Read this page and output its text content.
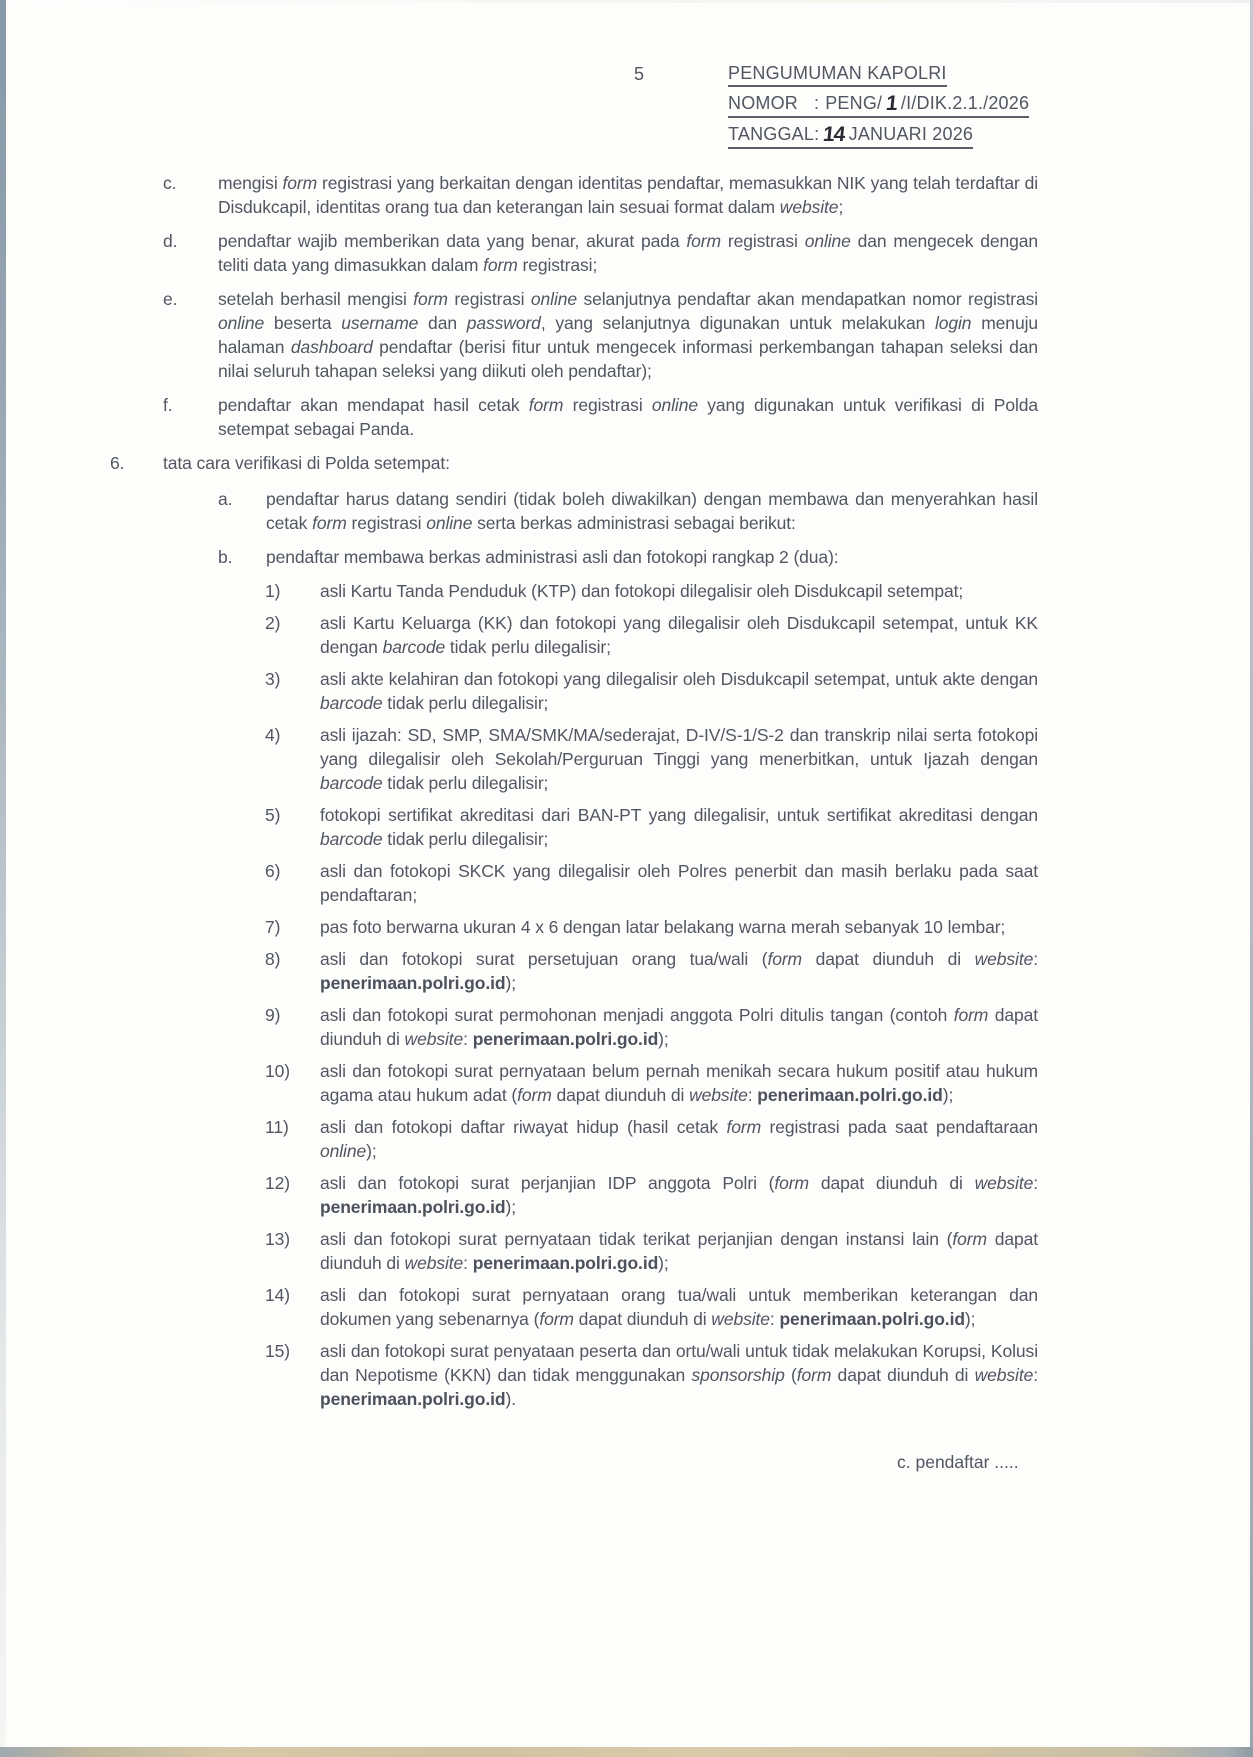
5	PENGUMUMAN KAPOLRI
NOMOR : PENG/ 1 /I/DIK.2.1./2026
TANGGAL: 14 JANUARI 2026
c.	mengisi form registrasi yang berkaitan dengan identitas pendaftar, memasukkan NIK yang telah terdaftar di Disdukcapil, identitas orang tua dan keterangan lain sesuai format dalam website;
d.	pendaftar wajib memberikan data yang benar, akurat pada form registrasi online dan mengecek dengan teliti data yang dimasukkan dalam form registrasi;
e.	setelah berhasil mengisi form registrasi online selanjutnya pendaftar akan mendapatkan nomor registrasi online beserta username dan password, yang selanjutnya digunakan untuk melakukan login menuju halaman dashboard pendaftar (berisi fitur untuk mengecek informasi perkembangan tahapan seleksi dan nilai seluruh tahapan seleksi yang diikuti oleh pendaftar);
f.	pendaftar akan mendapat hasil cetak form registrasi online yang digunakan untuk verifikasi di Polda setempat sebagai Panda.
6.	tata cara verifikasi di Polda setempat:
a.	pendaftar harus datang sendiri (tidak boleh diwakilkan) dengan membawa dan menyerahkan hasil cetak form registrasi online serta berkas administrasi sebagai berikut:
b.	pendaftar membawa berkas administrasi asli dan fotokopi rangkap 2 (dua):
1)	asli Kartu Tanda Penduduk (KTP) dan fotokopi dilegalisir oleh Disdukcapil setempat;
2)	asli Kartu Keluarga (KK) dan fotokopi yang dilegalisir oleh Disdukcapil setempat, untuk KK dengan barcode tidak perlu dilegalisir;
3)	asli akte kelahiran dan fotokopi yang dilegalisir oleh Disdukcapil setempat, untuk akte dengan barcode tidak perlu dilegalisir;
4)	asli ijazah: SD, SMP, SMA/SMK/MA/sederajat, D-IV/S-1/S-2 dan transkrip nilai serta fotokopi yang dilegalisir oleh Sekolah/Perguruan Tinggi yang menerbitkan, untuk Ijazah dengan barcode tidak perlu dilegalisir;
5)	fotokopi sertifikat akreditasi dari BAN-PT yang dilegalisir, untuk sertifikat akreditasi dengan barcode tidak perlu dilegalisir;
6)	asli dan fotokopi SKCK yang dilegalisir oleh Polres penerbit dan masih berlaku pada saat pendaftaran;
7)	pas foto berwarna ukuran 4 x 6 dengan latar belakang warna merah sebanyak 10 lembar;
8)	asli dan fotokopi surat persetujuan orang tua/wali (form dapat diunduh di website: penerimaan.polri.go.id);
9)	asli dan fotokopi surat permohonan menjadi anggota Polri ditulis tangan (contoh form dapat diunduh di website: penerimaan.polri.go.id);
10)	asli dan fotokopi surat pernyataan belum pernah menikah secara hukum positif atau hukum agama atau hukum adat (form dapat diunduh di website: penerimaan.polri.go.id);
11)	asli dan fotokopi daftar riwayat hidup (hasil cetak form registrasi pada saat pendaftaraan online);
12)	asli dan fotokopi surat perjanjian IDP anggota Polri (form dapat diunduh di website: penerimaan.polri.go.id);
13)	asli dan fotokopi surat pernyataan tidak terikat perjanjian dengan instansi lain (form dapat diunduh di website: penerimaan.polri.go.id);
14)	asli dan fotokopi surat pernyataan orang tua/wali untuk memberikan keterangan dan dokumen yang sebenarnya (form dapat diunduh di website: penerimaan.polri.go.id);
15)	asli dan fotokopi surat penyataan peserta dan ortu/wali untuk tidak melakukan Korupsi, Kolusi dan Nepotisme (KKN) dan tidak menggunakan sponsorship (form dapat diunduh di website: penerimaan.polri.go.id).
c. pendaftar .....
